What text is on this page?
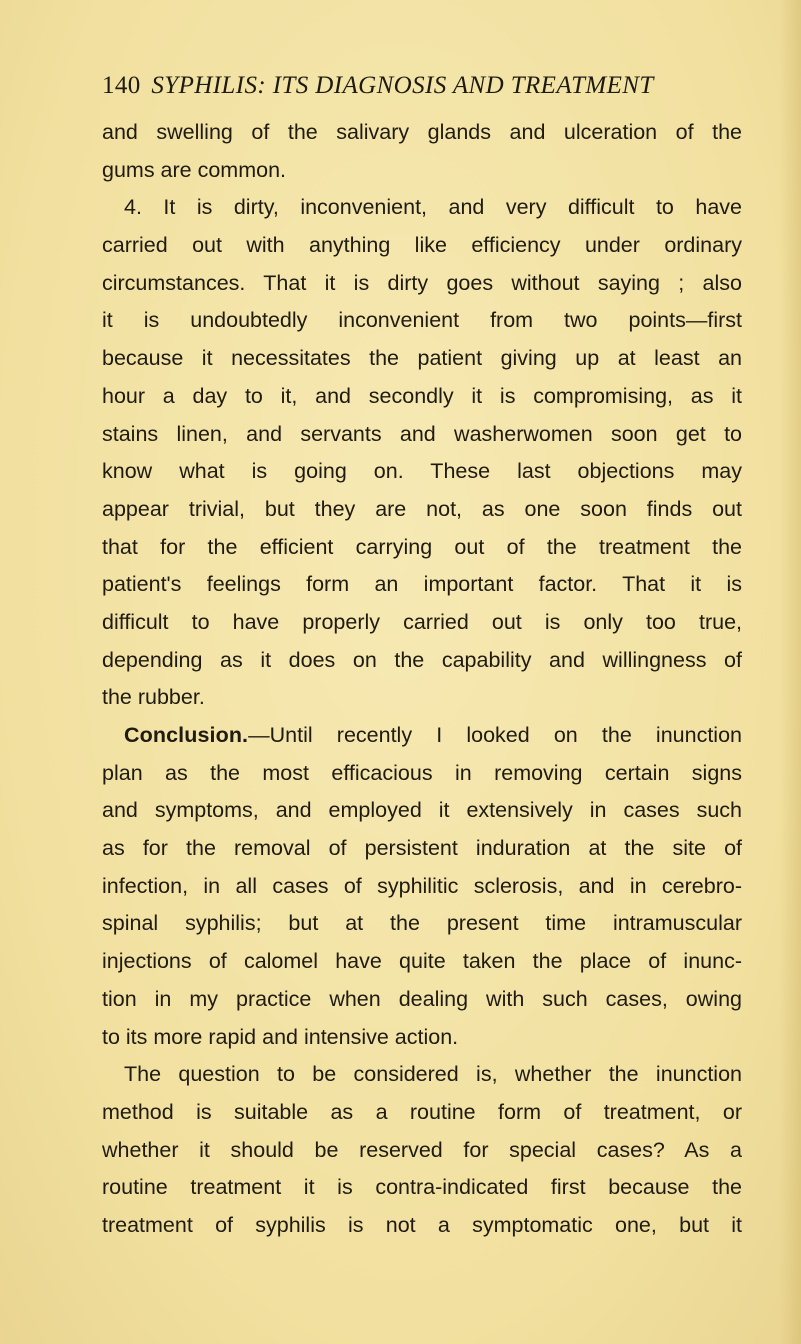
140 SYPHILIS: ITS DIAGNOSIS AND TREATMENT
and swelling of the salivary glands and ulceration of the
gums are common.
4. It is dirty, inconvenient, and very difficult to have
carried out with anything like efficiency under ordinary
circumstances. That it is dirty goes without saying ; also
it is undoubtedly inconvenient from two points—first
because it necessitates the patient giving up at least an
hour a day to it, and secondly it is compromising, as it
stains linen, and servants and washerwomen soon get to
know what is going on. These last objections may
appear trivial, but they are not, as one soon finds out
that for the efficient carrying out of the treatment the
patient's feelings form an important factor. That it is
difficult to have properly carried out is only too true,
depending as it does on the capability and willingness of
the rubber.
Conclusion.—Until recently I looked on the inunction
plan as the most efficacious in removing certain signs
and symptoms, and employed it extensively in cases such
as for the removal of persistent induration at the site of
infection, in all cases of syphilitic sclerosis, and in cerebro-
spinal syphilis; but at the present time intramuscular
injections of calomel have quite taken the place of inunc-
tion in my practice when dealing with such cases, owing
to its more rapid and intensive action.
The question to be considered is, whether the inunction
method is suitable as a routine form of treatment, or
whether it should be reserved for special cases? As a
routine treatment it is contra-indicated first because the
treatment of syphilis is not a symptomatic one, but it
